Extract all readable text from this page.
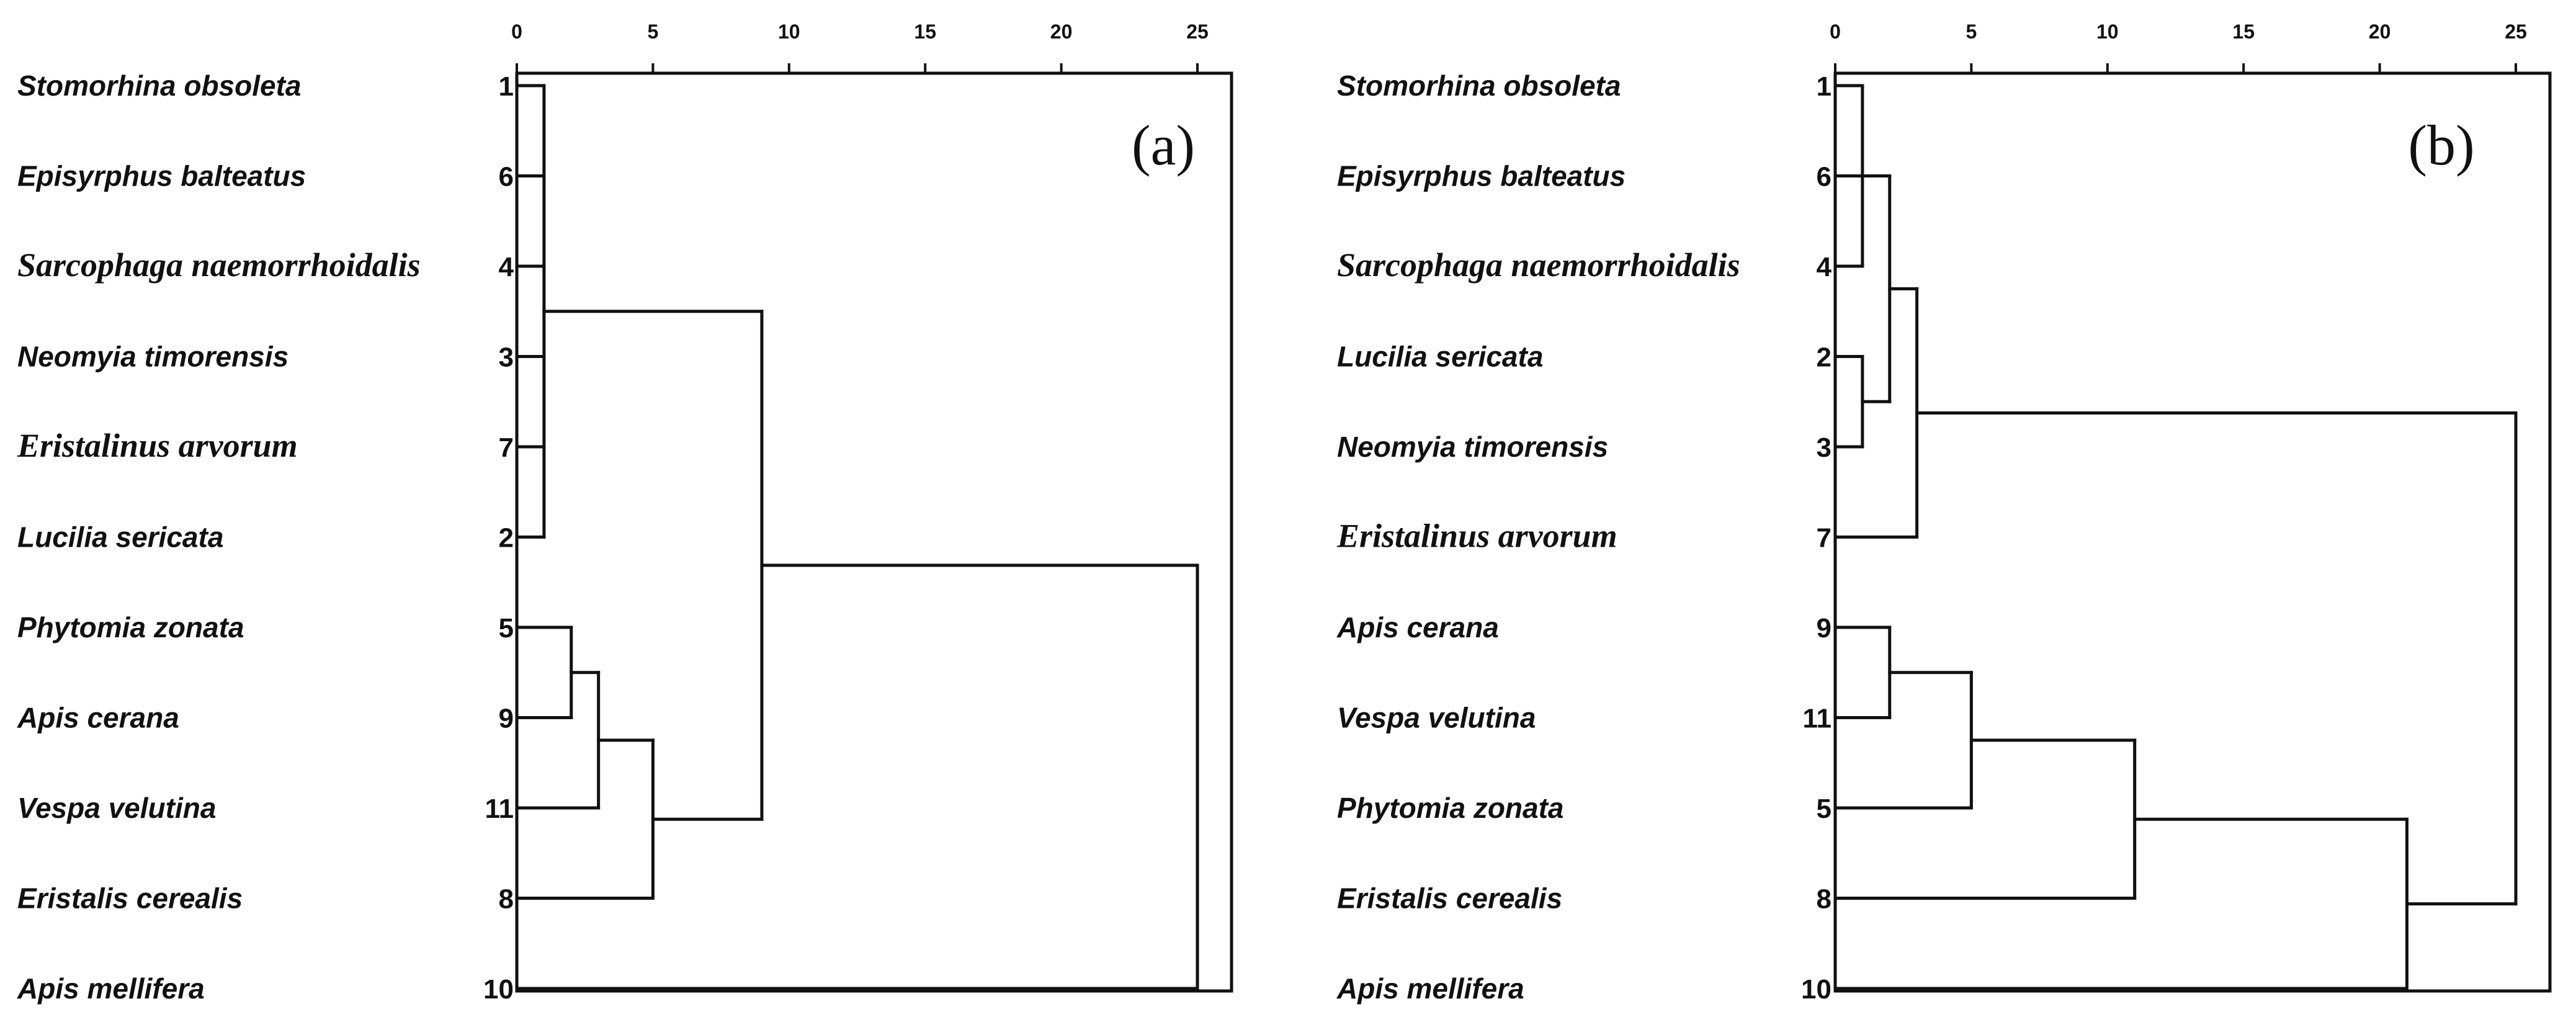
0	5	10	15	20	25
(a)
Stomorhina obsoleta	1
Episyrphus balteatus	6
Sarcophaga naemorrhoidalis	4
Neomyia timorensis	3
Eristalinus arvorum	7
Lucilia sericata	2
Phytomia zonata	5
Apis cerana	9
Vespa velutina	11
Eristalis cerealis	8
Apis mellifera	10
0	5	10	15	20	25
(b)
Stomorhina obsoleta	1
Episyrphus balteatus	6
Sarcophaga naemorrhoidalis	4
Lucilia sericata	2
Neomyia timorensis	3
Eristalinus arvorum	7
Apis cerana	9
Vespa velutina	11
Phytomia zonata	5
Eristalis cerealis	8
Apis mellifera	10
